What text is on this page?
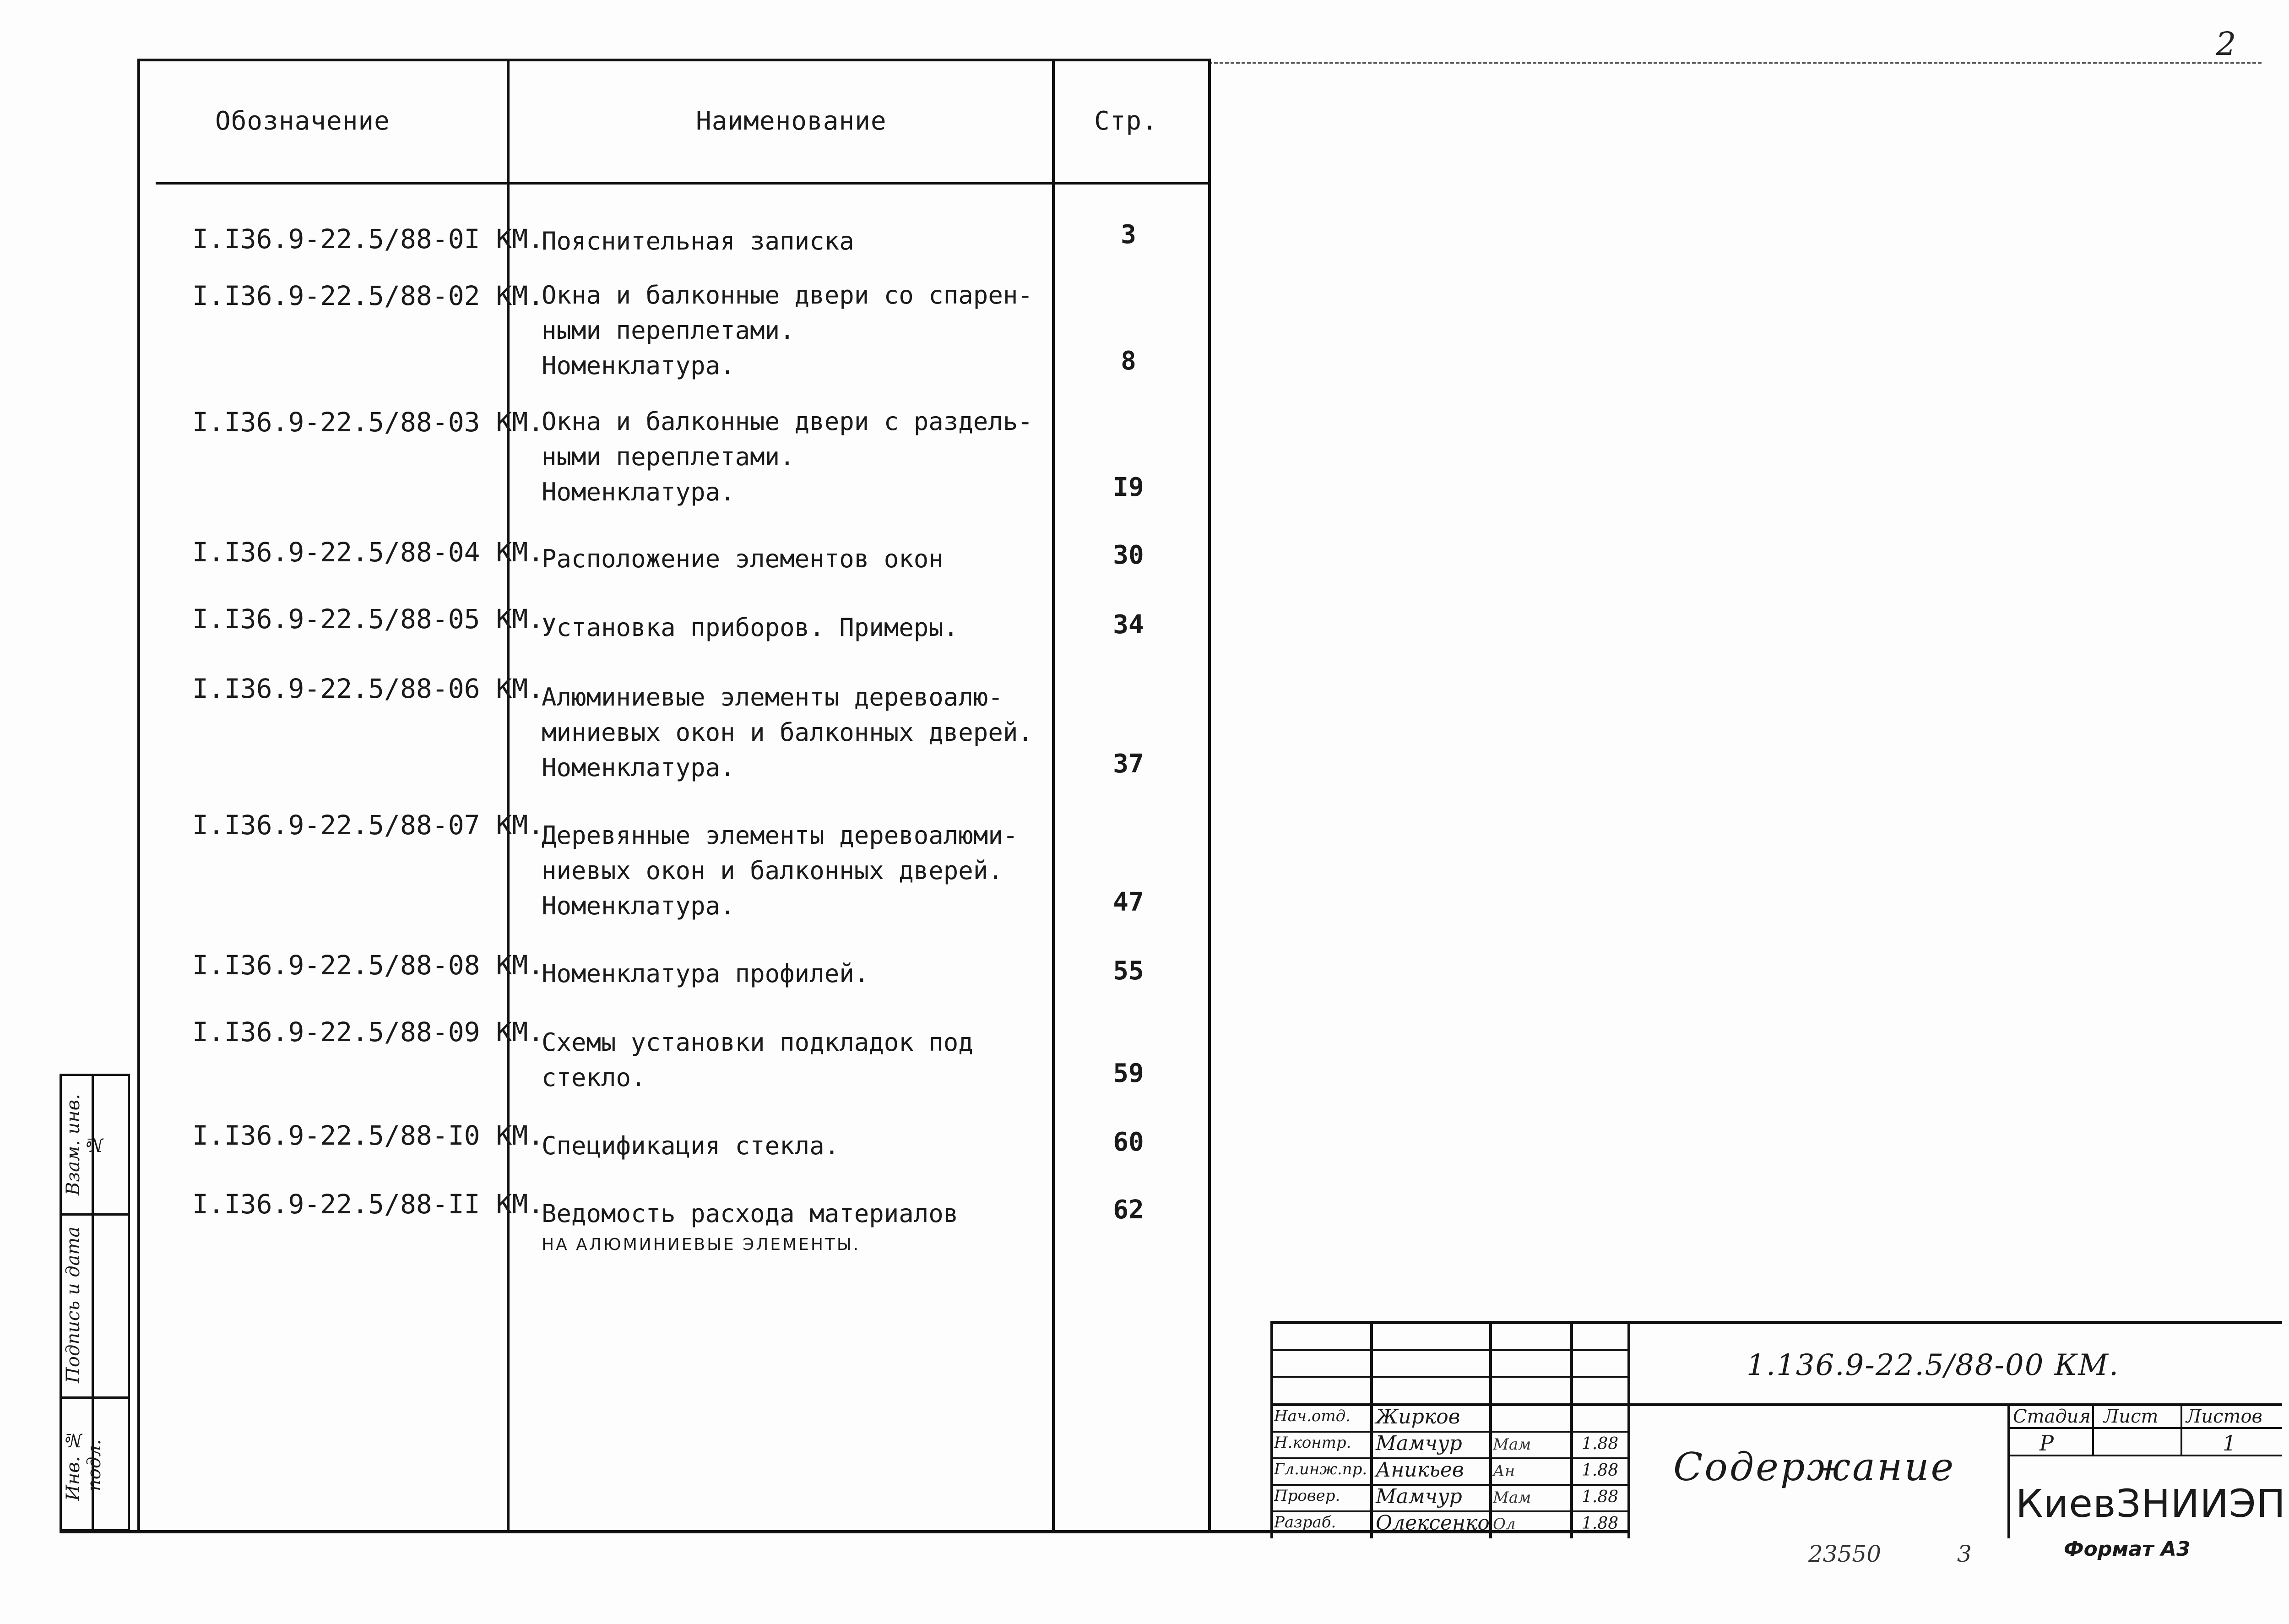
2
Обозначение	Наименование	Стр.
I.I36.9-22.5/88-0I КМ.
Пояснительная записка	3
I.I36.9-22.5/88-02 КМ.
Окна и балконные двери со спарен-
ными переплетами.
Номенклатура.	8
I.I36.9-22.5/88-03 КМ.
Окна и балконные двери с раздель-
ными переплетами.
Номенклатура.	I9
I.I36.9-22.5/88-04 КМ.
Расположение элементов окон	30
I.I36.9-22.5/88-05 КМ.
Установка приборов. Примеры.	34
I.I36.9-22.5/88-06 КМ.
Алюминиевые элементы деревоалю-
миниевых окон и балконных дверей.
Номенклатура.	37
I.I36.9-22.5/88-07 КМ.
Деревянные элементы деревоалюми-
ниевых окон и балконных дверей.
Номенклатура.	47
I.I36.9-22.5/88-08 КМ.
Номенклатура профилей.	55
I.I36.9-22.5/88-09 КМ.
Схемы установки подкладок под
стекло.	59
I.I36.9-22.5/88-I0 КМ.
Спецификация стекла.	60
I.I36.9-22.5/88-II КМ.
Ведомость расхода материалов
НА АЛЮМИНИЕВЫЕ ЭЛЕМЕНТЫ.
62
Взам. инв. №
Подпись и дата
Инв. № подл.
1.136.9-22.5/88-00 КМ.
Нач.отд. Жирков
Н.контр. Мамчур Мам	1.88
Гл.инж.пр. Аникьев Ан	1.88
Провер. Мамчур Мам	1.88
Разраб. Олексенко Ол	1.88
Содержание
Стадия Лист Листов
Р	1
КиевЗНИИЭП
23550	3	Формат А3
